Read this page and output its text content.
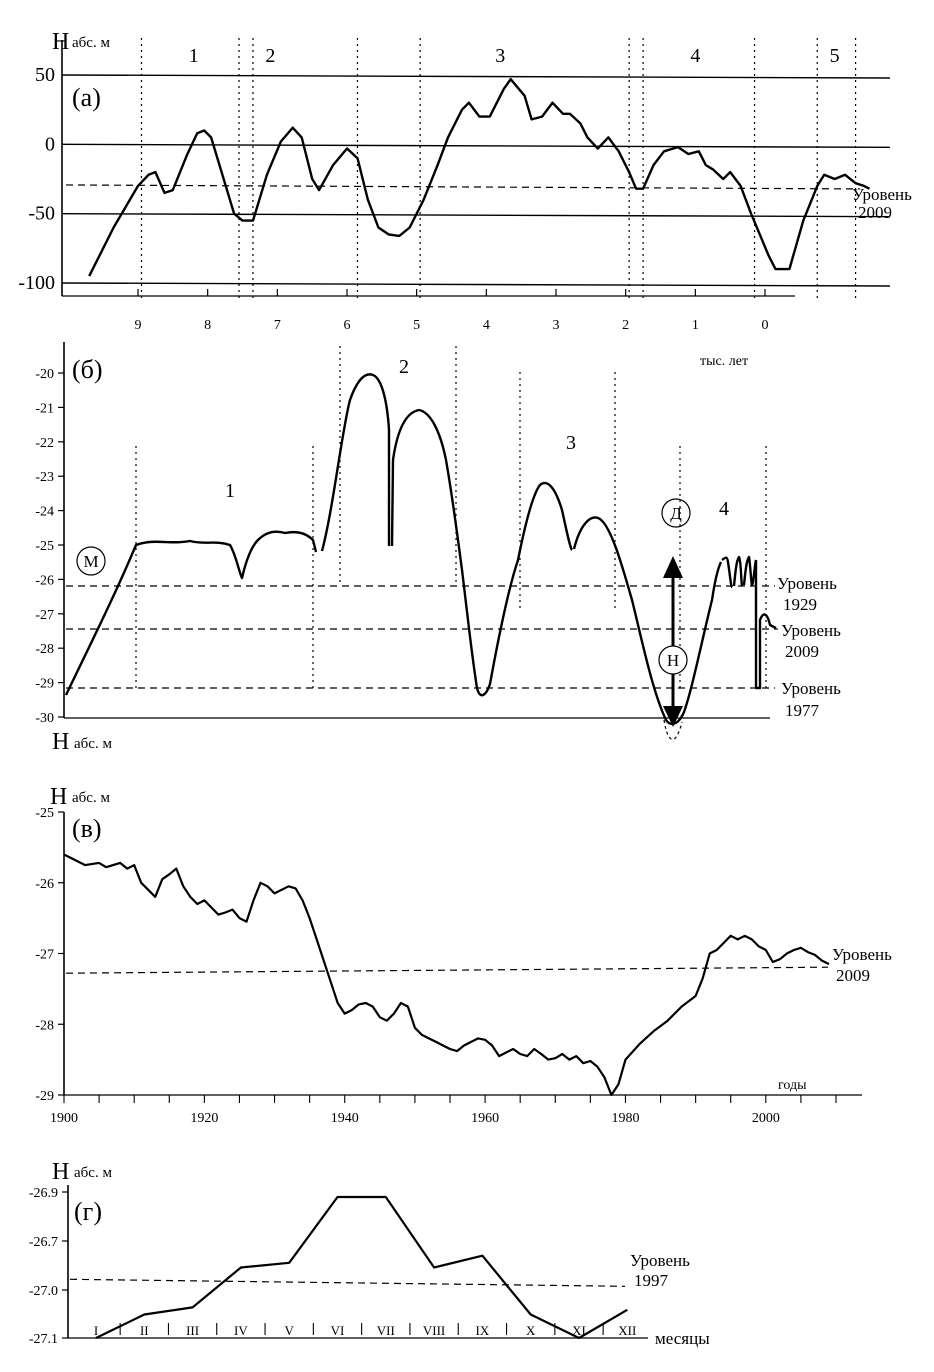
Н абс. м
(а)
50
0
-50
-100
9	8	7	6	5	4	3	2	1	0
тыс. лет
1	2	3	4	5
Уровень
2009
(б)
-20
-21
-22
-23
-24
-25
-26
-27
-28
-29
-30
Н абс. м
Уровень
1929
Уровень
2009
Уровень
1977
1
2
3
4
М
Д
Н
Н абс. м
(в)
-25
-26
-27
-28
-29
1900	1920	1940	1960	1980	2000
годы
Уровень
2009
Н абс. м
(г)
-26.9
-26.7
-27.0
-27.1
I	II	III	IV	V	VI VII VIII IX	X	XI XII месяцы
Уровень
1997
